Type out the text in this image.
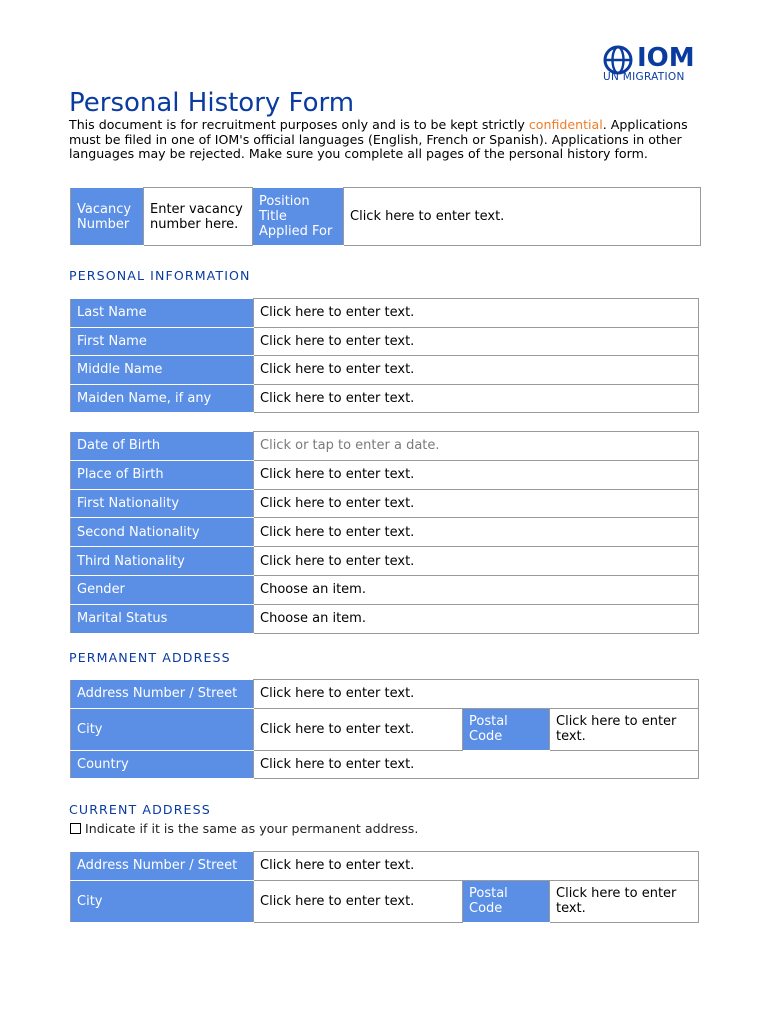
IOM
UN MIGRATION
Personal History Form
This document is for recruitment purposes only and is to be kept strictly confidential. Applications must be filed in one of IOM's official languages (English, French or Spanish). Applications in other languages may be rejected. Make sure you complete all pages of the personal history form.
Vacancy Number	Enter vacancy number here.	Position Title Applied For	Click here to enter text.
PERSONAL INFORMATION
Last Name	Click here to enter text.
First Name	Click here to enter text.
Middle Name	Click here to enter text.
Maiden Name, if any	Click here to enter text.
Date of Birth	Click or tap to enter a date.
Place of Birth	Click here to enter text.
First Nationality	Click here to enter text.
Second Nationality	Click here to enter text.
Third Nationality	Click here to enter text.
Gender	Choose an item.
Marital Status	Choose an item.
PERMANENT ADDRESS
Address Number / Street	Click here to enter text.		
City	Click here to enter text.	Postal Code	Click here to enter text.
Country	Click here to enter text.		
CURRENT ADDRESS
Indicate if it is the same as your permanent address.
Address Number / Street	Click here to enter text.		
City	Click here to enter text.	Postal Code	Click here to enter text.
